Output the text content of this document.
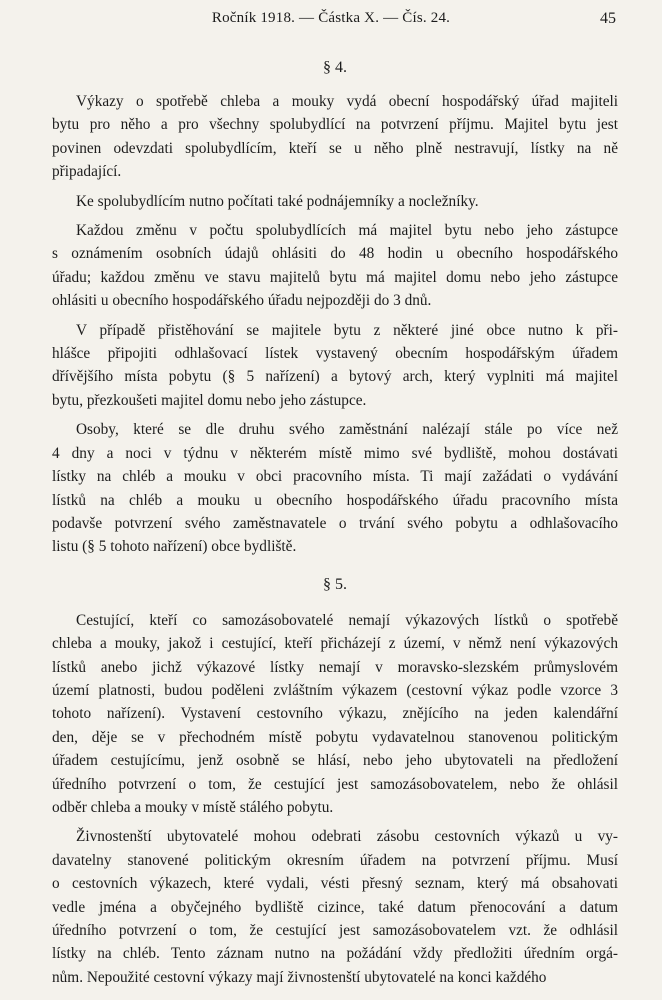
Ročník 1918. — Částka X. — Čís. 24.	45
§ 4.

Výkazy o spotřebě chleba a mouky vydá obecní hospodářský úřad majiteli
bytu pro něho a pro všechny spolubydlící na potvrzení příjmu. Majitel bytu jest
povinen odevzdati spolubydlícím, kteří se u něho plně nestravují, lístky na ně
připadající.

Ke spolubydlícím nutno počítati také podnájemníky a nocležníky.

Každou změnu v počtu spolubydlících má majitel bytu nebo jeho zástupce
s oznámením osobních údajů ohlásiti do 48 hodin u obecního hospodářského
úřadu; každou změnu ve stavu majitelů bytu má majitel domu nebo jeho zástupce
ohlásiti u obecního hospodářského úřadu nejpozději do 3 dnů.

V případě přistěhování se majitele bytu z některé jiné obce nutno k při-
hlášce připojiti odhlašovací lístek vystavený obecním hospodářským úřadem
dřívějšího místa pobytu (§ 5 nařízení) a bytový arch, který vyplniti má majitel
bytu, přezkoušeti majitel domu nebo jeho zástupce.

Osoby, které se dle druhu svého zaměstnání nalézají stále po více než
4 dny a noci v týdnu v některém místě mimo své bydliště, mohou dostávati
lístky na chléb a mouku v obci pracovního místa. Ti mají zažádati o vydávání
lístků na chléb a mouku u obecního hospodářského úřadu pracovního místa
podavše potvrzení svého zaměstnavatele o trvání svého pobytu a odhlašovacího
listu (§ 5 tohoto nařízení) obce bydliště.

§ 5.

Cestující, kteří co samozásobovatelé nemají výkazových lístků o spotřebě
chleba a mouky, jakož i cestující, kteří přicházejí z území, v němž není výkazových
lístků anebo jichž výkazové lístky nemají v moravsko-slezském průmyslovém
území platnosti, budou poděleni zvláštním výkazem (cestovní výkaz podle vzorce 3
tohoto nařízení). Vystavení cestovního výkazu, znějícího na jeden kalendářní
den, děje se v přechodném místě pobytu vydavatelnou stanovenou politickým
úřadem cestujícímu, jenž osobně se hlásí, nebo jeho ubytovateli na předložení
úředního potvrzení o tom, že cestující jest samozásobovatelem, nebo že ohlásil
odběr chleba a mouky v místě stálého pobytu.

Živnostenští ubytovatelé mohou odebrati zásobu cestovních výkazů u vy-
davatelny stanovené politickým okresním úřadem na potvrzení příjmu. Musí
o cestovních výkazech, které vydali, vésti přesný seznam, který má obsahovati
vedle jména a obyčejného bydliště cizince, také datum přenocování a datum
úředního potvrzení o tom, že cestující jest samozásobovatelem vzt. že odhlásil
lístky na chléb. Tento záznam nutno na požádání vždy předložiti úředním orgá-
nům. Nepoužité cestovní výkazy mají živnostenští ubytovatelé na konci každého
